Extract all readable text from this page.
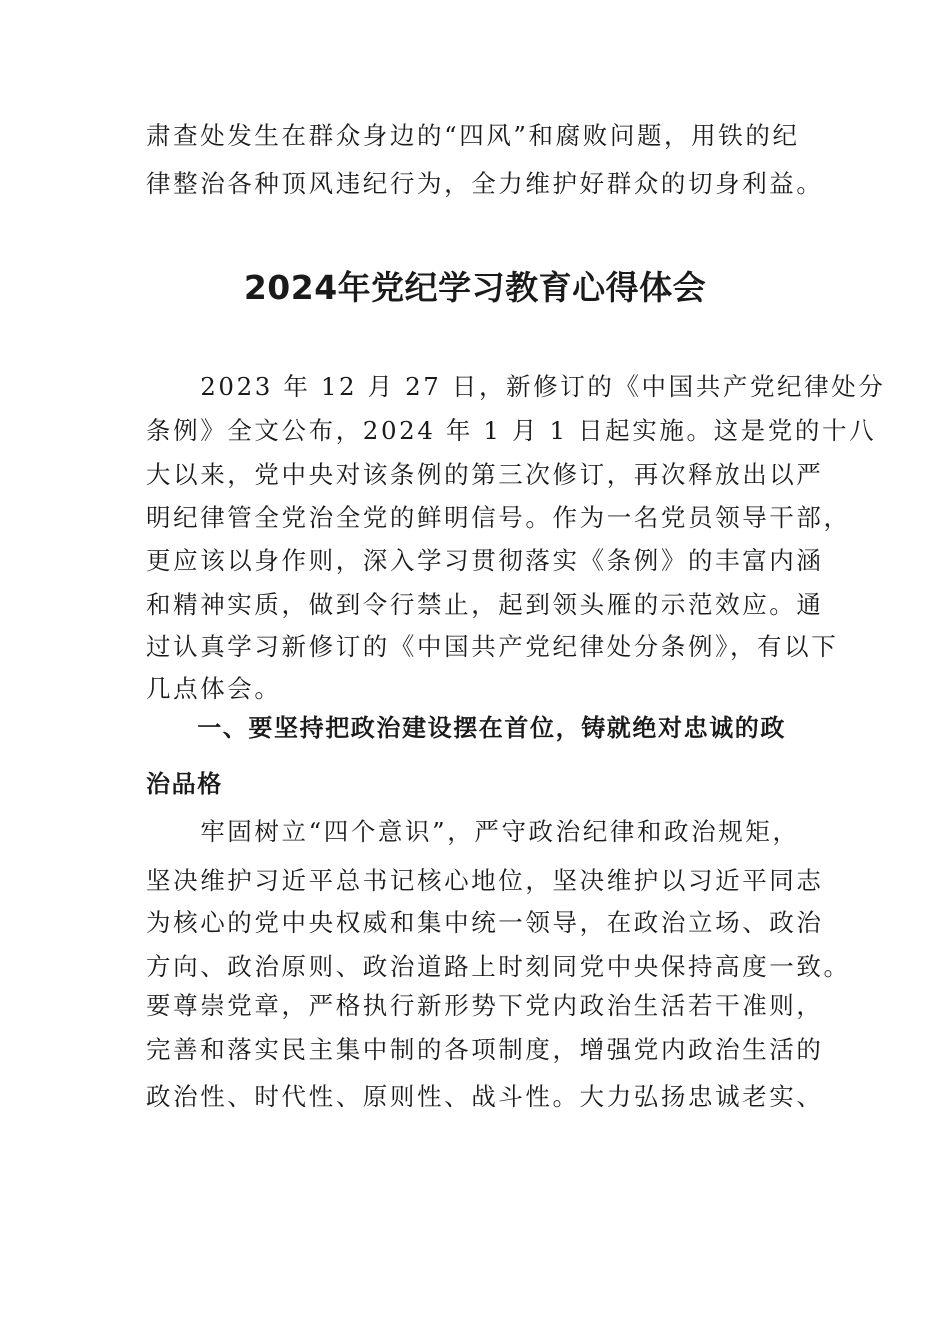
肃查处发生在群众身边的“四风”和腐败问题，用铁的纪
律整治各种顶风违纪行为，全力维护好群众的切身利益。
2024年党纪学习教育心得体会
　　2023 年 12 月 27 日，新修订的《中国共产党纪律处分
条例》全文公布，2024 年 1 月 1 日起实施。这是党的十八
大以来，党中央对该条例的第三次修订，再次释放出以严
明纪律管全党治全党的鲜明信号。作为一名党员领导干部，
更应该以身作则，深入学习贯彻落实《条例》的丰富内涵
和精神实质，做到令行禁止，起到领头雁的示范效应。通
过认真学习新修订的《中国共产党纪律处分条例》，有以下
几点体会。
　　一、要坚持把政治建设摆在首位，铸就绝对忠诚的政
治品格
　　牢固树立“四个意识”，严守政治纪律和政治规矩，
坚决维护习近平总书记核心地位，坚决维护以习近平同志
为核心的党中央权威和集中统一领导，在政治立场、政治
方向、政治原则、政治道路上时刻同党中央保持高度一致。
要尊崇党章，严格执行新形势下党内政治生活若干准则，
完善和落实民主集中制的各项制度，增强党内政治生活的
政治性、时代性、原则性、战斗性。大力弘扬忠诚老实、
